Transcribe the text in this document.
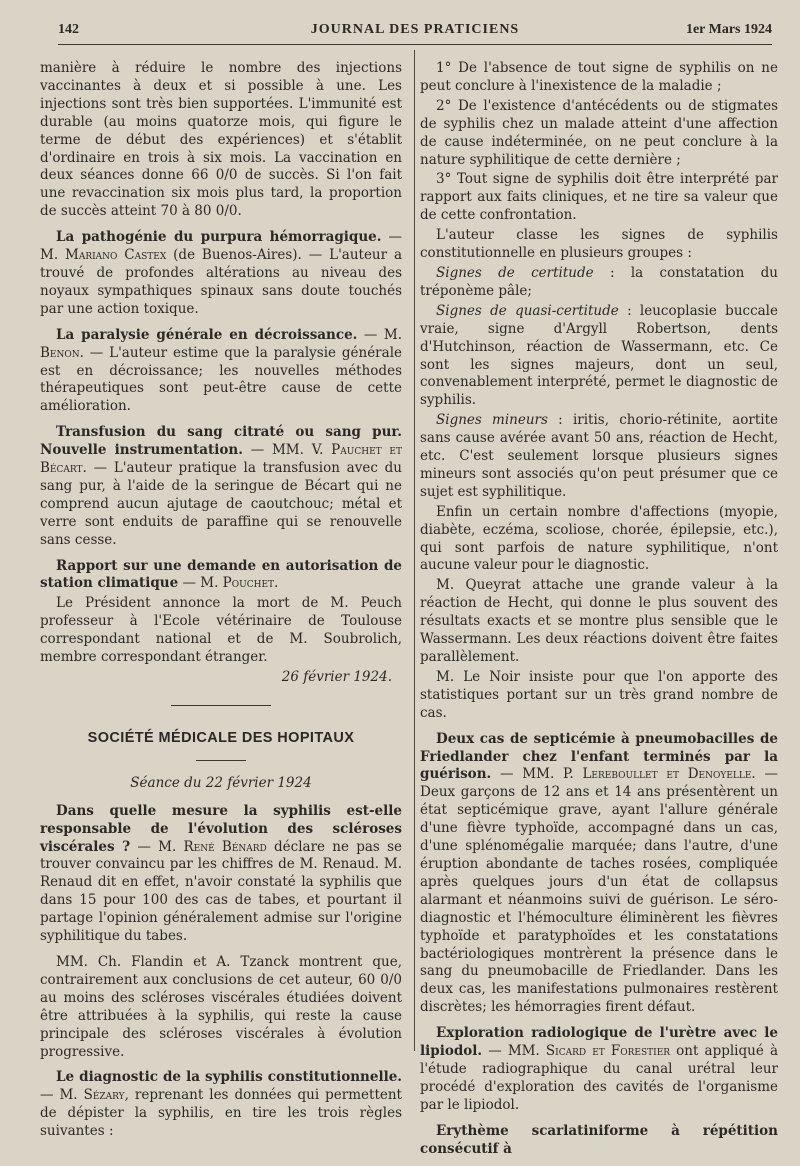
142	JOURNAL DES PRATICIENS	1er Mars 1924

manière à réduire le nombre des injections vaccinantes à deux et si possible à une. Les injections sont très bien supportées. L'immunité est durable (au moins quatorze mois, qui figure le terme de début des expériences) et s'établit d'ordinaire en trois à six mois. La vaccination en deux séances donne 66 0/0 de succès. Si l'on fait une revaccination six mois plus tard, la proportion de succès atteint 70 à 80 0/0.

La pathogénie du purpura hémorragique. — M. Mariano Castex (de Buenos-Aires). — L'auteur a trouvé de profondes altérations au niveau des noyaux sympathiques spinaux sans doute touchés par une action toxique.

La paralysie générale en décroissance. — M. Benon. — L'auteur estime que la paralysie générale est en décroissance; les nouvelles méthodes thérapeutiques sont peut-être cause de cette amélioration.

Transfusion du sang citraté ou sang pur. Nouvelle instrumentation. — MM. V. Pauchet et Bécart. — L'auteur pratique la transfusion avec du sang pur, à l'aide de la seringue de Bécart qui ne comprend aucun ajutage de caoutchouc; métal et verre sont enduits de paraffine qui se renouvelle sans cesse.

Rapport sur une demande en autorisation de station climatique — M. Pouchet.

Le Président annonce la mort de M. Peuch professeur à l'Ecole vétérinaire de Toulouse correspondant national et de M. Soubrolich, membre correspondant étranger.

26 février 1924.
SOCIÉTÉ MÉDICALE DES HOPITAUX
Séance du 22 février 1924

Dans quelle mesure la syphilis est-elle responsable de l'évolution des scléroses viscérales ? — M. René Bénard déclare ne pas se trouver convaincu par les chiffres de M. Renaud. M. Renaud dit en effet, n'avoir constaté la syphilis que dans 15 pour 100 des cas de tabes, et pourtant il partage l'opinion généralement admise sur l'origine syphilitique du tabes.

MM. Ch. Flandin et A. Tzanck montrent que, contrairement aux conclusions de cet auteur, 60 0/0 au moins des scléroses viscérales étudiées doivent être attribuées à la syphilis, qui reste la cause principale des scléroses viscérales à évolution progressive.

Le diagnostic de la syphilis constitutionnelle. — M. Sézary, reprenant les données qui permettent de dépister la syphilis, en tire les trois règles suivantes :

1° De l'absence de tout signe de syphilis on ne peut conclure à l'inexistence de la maladie ;

2° De l'existence d'antécédents ou de stigmates de syphilis chez un malade atteint d'une affection de cause indéterminée, on ne peut conclure à la nature syphilitique de cette dernière ;

3° Tout signe de syphilis doit être interprété par rapport aux faits cliniques, et ne tire sa valeur que de cette confrontation.

L'auteur classe les signes de syphilis constitutionnelle en plusieurs groupes :

Signes de certitude : la constatation du tréponème pâle;

Signes de quasi-certitude : leucoplasie buccale vraie, signe d'Argyll Robertson, dents d'Hutchinson, réaction de Wassermann, etc. Ce sont les signes majeurs, dont un seul, convenablement interprété, permet le diagnostic de syphilis.

Signes mineurs : iritis, chorio-rétinite, aortite sans cause avérée avant 50 ans, réaction de Hecht, etc. C'est seulement lorsque plusieurs signes mineurs sont associés qu'on peut présumer que ce sujet est syphilitique.

Enfin un certain nombre d'affections (myopie, diabète, eczéma, scoliose, chorée, épilepsie, etc.), qui sont parfois de nature syphilitique, n'ont aucune valeur pour le diagnostic.

M. Queyrat attache une grande valeur à la réaction de Hecht, qui donne le plus souvent des résultats exacts et se montre plus sensible que le Wassermann. Les deux réactions doivent être faites parallèlement.

M. Le Noir insiste pour que l'on apporte des statistiques portant sur un très grand nombre de cas.

Deux cas de septicémie à pneumobacilles de Friedlander chez l'enfant terminés par la guérison. — MM. P. Lereboullet et Denoyelle. — Deux garçons de 12 ans et 14 ans présentèrent un état septicémique grave, ayant l'allure générale d'une fièvre typhoïde, accompagné dans un cas, d'une splénomégalie marquée; dans l'autre, d'une éruption abondante de taches rosées, compliquée après quelques jours d'un état de collapsus alarmant et néanmoins suivi de guérison. Le séro-diagnostic et l'hémoculture éliminèrent les fièvres typhoïde et paratyphoïdes et les constatations bactériologiques montrèrent la présence dans le sang du pneumobacille de Friedlander. Dans les deux cas, les manifestations pulmonaires restèrent discrètes; les hémorragies firent défaut.

Exploration radiologique de l'urètre avec le lipiodol. — MM. Sicard et Forestier ont appliqué à l'étude radiographique du canal urétral leur procédé d'exploration des cavités de l'organisme par le lipiodol.

Erythème scarlatiniforme à répétition consécutif à
